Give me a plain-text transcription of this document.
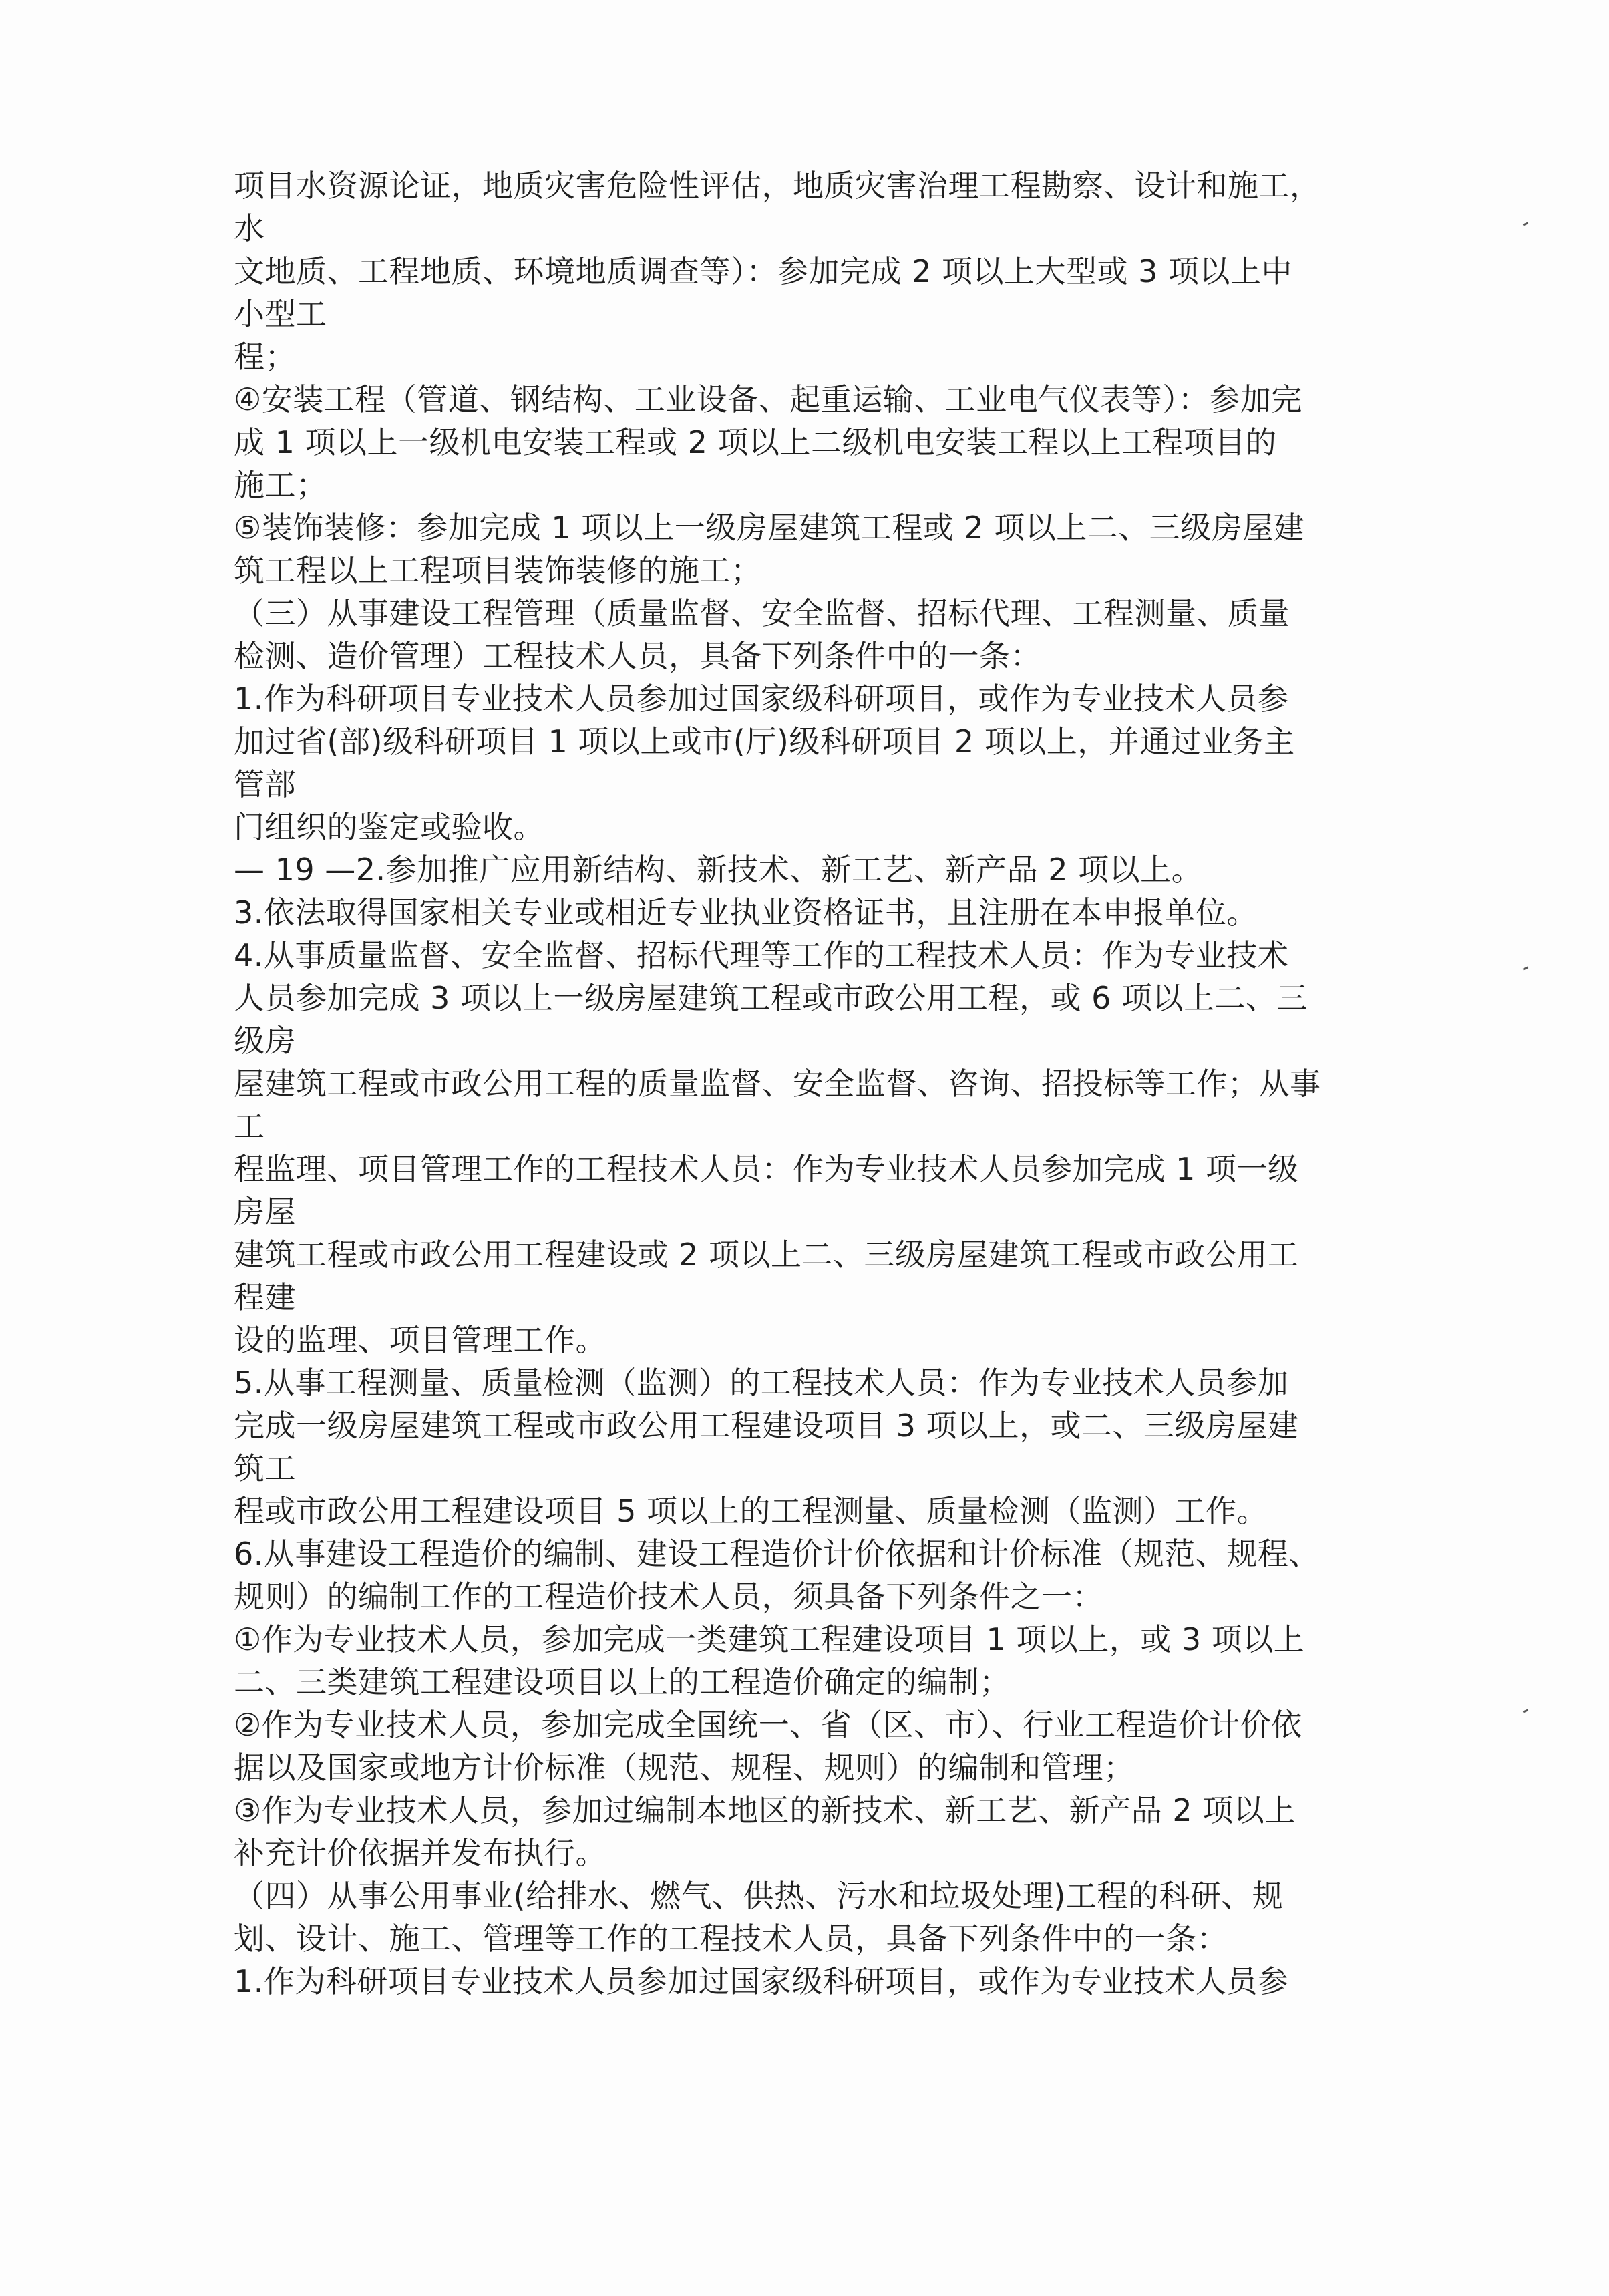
项目水资源论证，地质灾害危险性评估，地质灾害治理工程勘察、设计和施工，
水
文地质、工程地质、环境地质调查等）：参加完成 2 项以上大型或 3 项以上中
小型工
程；
④安装工程（管道、钢结构、工业设备、起重运输、工业电气仪表等）：参加完
成 1 项以上一级机电安装工程或 2 项以上二级机电安装工程以上工程项目的
施工；
⑤装饰装修：参加完成 1 项以上一级房屋建筑工程或 2 项以上二、三级房屋建
筑工程以上工程项目装饰装修的施工；
（三）从事建设工程管理（质量监督、安全监督、招标代理、工程测量、质量
检测、造价管理）工程技术人员，具备下列条件中的一条：
1.作为科研项目专业技术人员参加过国家级科研项目，或作为专业技术人员参
加过省(部)级科研项目 1 项以上或市(厅)级科研项目 2 项以上，并通过业务主
管部
门组织的鉴定或验收。
— 19 —2.参加推广应用新结构、新技术、新工艺、新产品 2 项以上。
3.依法取得国家相关专业或相近专业执业资格证书，且注册在本申报单位。
4.从事质量监督、安全监督、招标代理等工作的工程技术人员：作为专业技术
人员参加完成 3 项以上一级房屋建筑工程或市政公用工程，或 6 项以上二、三
级房
屋建筑工程或市政公用工程的质量监督、安全监督、咨询、招投标等工作；从事
工
程监理、项目管理工作的工程技术人员：作为专业技术人员参加完成 1 项一级
房屋
建筑工程或市政公用工程建设或 2 项以上二、三级房屋建筑工程或市政公用工
程建
设的监理、项目管理工作。
5.从事工程测量、质量检测（监测）的工程技术人员：作为专业技术人员参加
完成一级房屋建筑工程或市政公用工程建设项目 3 项以上，或二、三级房屋建
筑工
程或市政公用工程建设项目 5 项以上的工程测量、质量检测（监测）工作。
6.从事建设工程造价的编制、建设工程造价计价依据和计价标准（规范、规程、
规则）的编制工作的工程造价技术人员，须具备下列条件之一：
①作为专业技术人员，参加完成一类建筑工程建设项目 1 项以上，或 3 项以上
二、三类建筑工程建设项目以上的工程造价确定的编制；
②作为专业技术人员，参加完成全国统一、省（区、市）、行业工程造价计价依
据以及国家或地方计价标准（规范、规程、规则）的编制和管理；
③作为专业技术人员，参加过编制本地区的新技术、新工艺、新产品 2 项以上
补充计价依据并发布执行。
（四）从事公用事业(给排水、燃气、供热、污水和垃圾处理)工程的科研、规
划、设计、施工、管理等工作的工程技术人员，具备下列条件中的一条：
1.作为科研项目专业技术人员参加过国家级科研项目，或作为专业技术人员参
